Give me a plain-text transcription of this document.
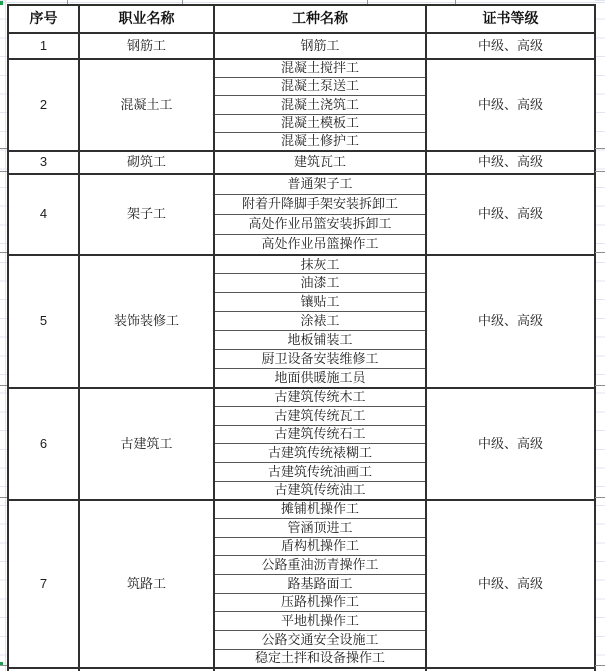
序号	职业名称	工种名称	证书等级
1	钢筋工	钢筋工	中级、高级
2	混凝土工	混凝土搅拌工	中级、高级
		混凝土泵送工	
		混凝土浇筑工	
		混凝土模板工	
		混凝土修护工	
3	砌筑工	建筑瓦工	中级、高级
4	架子工	普通架子工	中级、高级
		附着升降脚手架安装拆卸工	
		高处作业吊篮安装拆卸工	
		高处作业吊篮操作工	
5	装饰装修工	抹灰工	中级、高级
		油漆工	
		镶贴工	
		涂裱工	
		地板铺装工	
		厨卫设备安装维修工	
		地面供暖施工员	
6	古建筑工	古建筑传统木工	中级、高级
		古建筑传统瓦工	
		古建筑传统石工	
		古建筑传统裱糊工	
		古建筑传统油画工	
		古建筑传统油工	
7	筑路工	摊铺机操作工	中级、高级
		管涵顶进工	
		盾构机操作工	
		公路重油沥青操作工	
		路基路面工	
		压路机操作工	
		平地机操作工	
		公路交通安全设施工	
		稳定土拌和设备操作工	
